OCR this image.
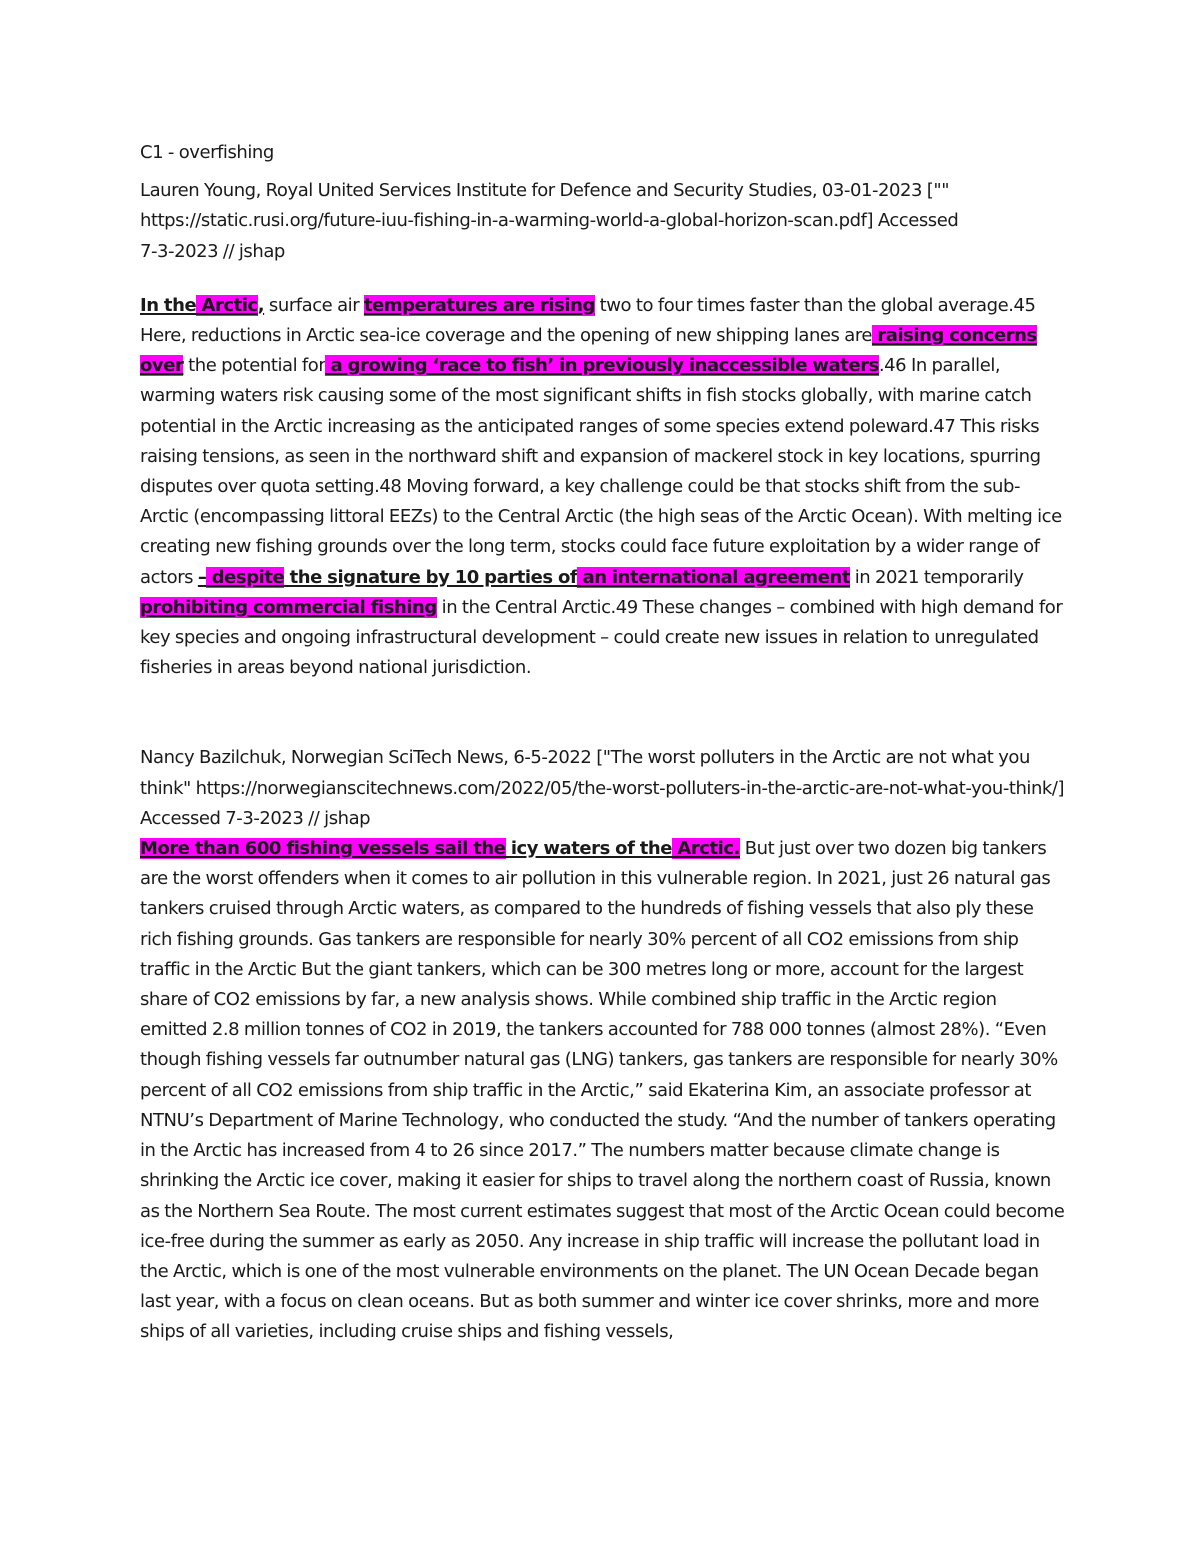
C1 - overfishing

Lauren Young, Royal United Services Institute for Defence and Security Studies, 03-01-2023 ["" https://static.rusi.org/future-iuu-fishing-in-a-warming-world-a-global-horizon-scan.pdf] Accessed
7-3-2023 // jshap

In the Arctic, surface air temperatures are rising two to four times faster than the global average.45 Here, reductions in Arctic sea-ice coverage and the opening of new shipping lanes are raising concerns over the potential for a growing ‘race to fish’ in previously inaccessible waters.46 In parallel, warming waters risk causing some of the most significant shifts in fish stocks globally, with marine catch potential in the Arctic increasing as the anticipated ranges of some species extend poleward.47 This risks raising tensions, as seen in the northward shift and expansion of mackerel stock in key locations, spurring disputes over quota setting.48 Moving forward, a key challenge could be that stocks shift from the sub-Arctic (encompassing littoral EEZs) to the Central Arctic (the high seas of the Arctic Ocean). With melting ice creating new fishing grounds over the long term, stocks could face future exploitation by a wider range of actors – despite the signature by 10 parties of an international agreement in 2021 temporarily prohibiting commercial fishing in the Central Arctic.49 These changes – combined with high demand for key species and ongoing infrastructural development – could create new issues in relation to unregulated fisheries in areas beyond national jurisdiction.

Nancy Bazilchuk, Norwegian SciTech News, 6-5-2022 ["The worst polluters in the Arctic are not what you think" https://norwegianscitechnews.com/2022/05/the-worst-polluters-in-the-arctic-are-not-what-you-think/]
Accessed 7-3-2023 // jshap

More than 600 fishing vessels sail the icy waters of the Arctic. But just over two dozen big tankers are the worst offenders when it comes to air pollution in this vulnerable region. In 2021, just 26 natural gas tankers cruised through Arctic waters, as compared to the hundreds of fishing vessels that also ply these rich fishing grounds. Gas tankers are responsible for nearly 30% percent of all CO2 emissions from ship traffic in the Arctic But the giant tankers, which can be 300 metres long or more, account for the largest share of CO2 emissions by far, a new analysis shows. While combined ship traffic in the Arctic region emitted 2.8 million tonnes of CO2 in 2019, the tankers accounted for 788 000 tonnes (almost 28%). “Even though fishing vessels far outnumber natural gas (LNG) tankers, gas tankers are responsible for nearly 30% percent of all CO2 emissions from ship traffic in the Arctic,” said Ekaterina Kim, an associate professor at NTNU’s Department of Marine Technology, who conducted the study. “And the number of tankers operating in the Arctic has increased from 4 to 26 since 2017.” The numbers matter because climate change is shrinking the Arctic ice cover, making it easier for ships to travel along the northern coast of Russia, known as the Northern Sea Route. The most current estimates suggest that most of the Arctic Ocean could become ice-free during the summer as early as 2050. Any increase in ship traffic will increase the pollutant load in the Arctic, which is one of the most vulnerable environments on the planet. The UN Ocean Decade began last year, with a focus on clean oceans. But as both summer and winter ice cover shrinks, more and more ships of all varieties, including cruise ships and fishing vessels,
